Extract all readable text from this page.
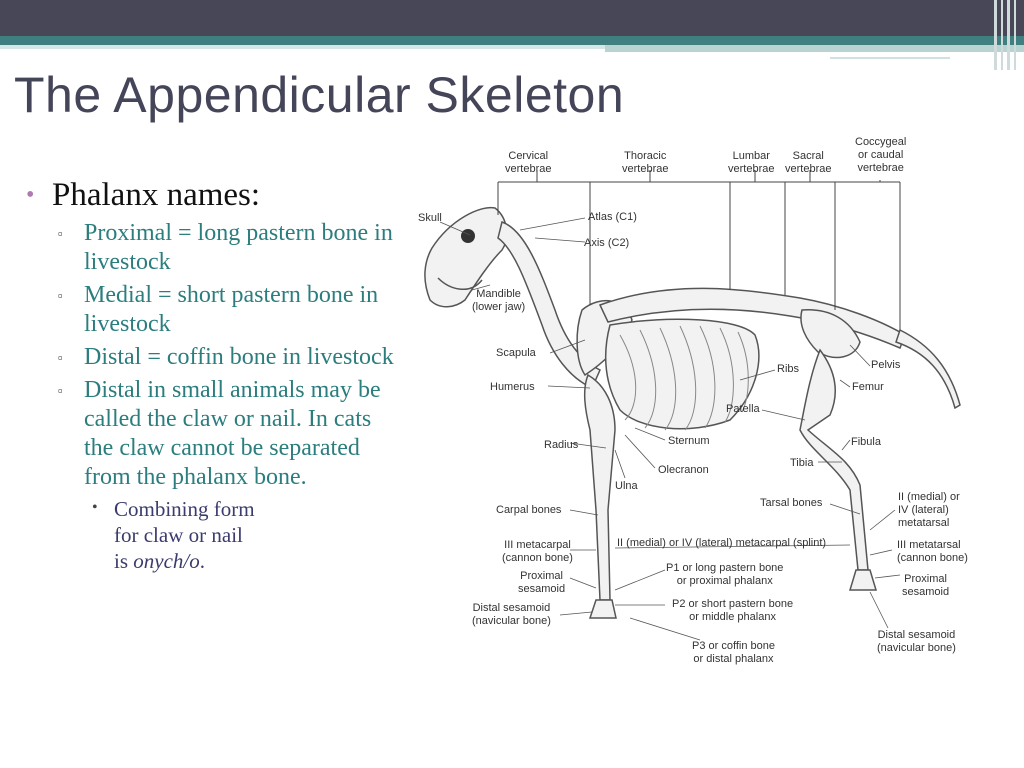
The Appendicular Skeleton
• Phalanx names:
▫ Proximal = long pastern bone in livestock
▫ Medial = short pastern bone in livestock
▫ Distal = coffin bone in livestock
▫ Distal in small animals may be called the claw or nail. In cats the claw cannot be separated from the phalanx bone.
• Combining form
for claw or nail
is onych/o.
Cervical
vertebrae
Thoracic
vertebrae
Lumbar
vertebrae
Sacral
vertebrae
Coccygeal
or caudal
vertebrae
Skull	Atlas (C1)
Axis (C2)
Mandible
(lower jaw)
Scapula
Humerus
Ribs	Pelvis
Femur
Patella
Radius	Sternum
Olecranon
Ulna
Fibula
Tibia
Tarsal bones
Carpal bones
II (medial) or
IV (lateral)
metatarsal
II (medial) or IV (lateral) metacarpal (splint)
III metacarpal
(cannon bone)
III metatarsal
(cannon bone)
P1 or long pastern bone
or proximal phalanx
Proximal
sesamoid
Proximal
sesamoid
P2 or short pastern bone
or middle phalanx
Distal sesamoid
(navicular bone)
P3 or coffin bone
or distal phalanx
Distal sesamoid
(navicular bone)
